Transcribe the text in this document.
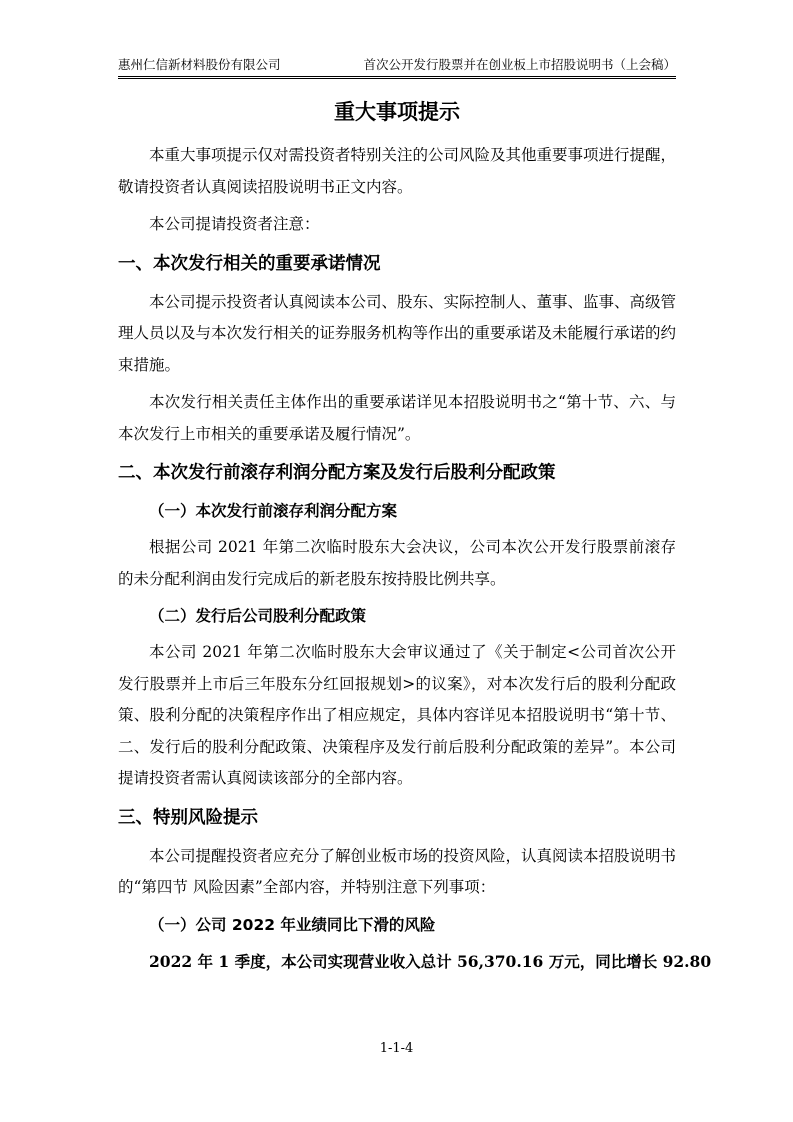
惠州仁信新材料股份有限公司	首次公开发行股票并在创业板上市招股说明书（上会稿）
重大事项提示

本重大事项提示仅对需投资者特别关注的公司风险及其他重要事项进行提醒，敬请投资者认真阅读招股说明书正文内容。

本公司提请投资者注意：

一、本次发行相关的重要承诺情况

本公司提示投资者认真阅读本公司、股东、实际控制人、董事、监事、高级管理人员以及与本次发行相关的证券服务机构等作出的重要承诺及未能履行承诺的约束措施。

本次发行相关责任主体作出的重要承诺详见本招股说明书之“第十节、六、与本次发行上市相关的重要承诺及履行情况”。

二、本次发行前滚存利润分配方案及发行后股利分配政策
（一）本次发行前滚存利润分配方案

根据公司 2021 年第二次临时股东大会决议，公司本次公开发行股票前滚存的未分配利润由发行完成后的新老股东按持股比例共享。

（二）发行后公司股利分配政策

本公司 2021 年第二次临时股东大会审议通过了《关于制定<公司首次公开发行股票并上市后三年股东分红回报规划>的议案》，对本次发行后的股利分配政策、股利分配的决策程序作出了相应规定，具体内容详见本招股说明书“第十节、二、发行后的股利分配政策、决策程序及发行前后股利分配政策的差异”。本公司提请投资者需认真阅读该部分的全部内容。

三、特别风险提示

本公司提醒投资者应充分了解创业板市场的投资风险，认真阅读本招股说明书的“第四节 风险因素”全部内容，并特别注意下列事项：

（一）公司 2022 年业绩同比下滑的风险

2022 年 1 季度，本公司实现营业收入总计 56,370.16 万元，同比增长 92.80

1-1-4
